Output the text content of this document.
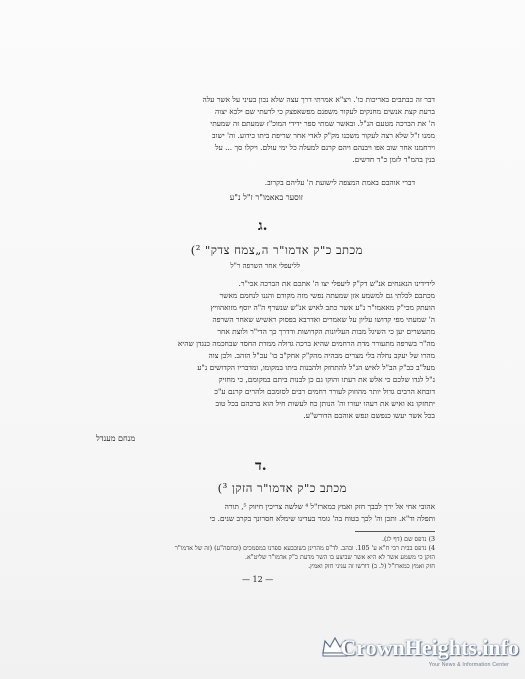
דבר זה כבתבים באריכות כו'. ויצ"א אמרתי דרך עצה שלא נכון בעיני על אשר עלה
ברעת קצת אנשים מחנקים לעקור משפנם מפשאפצק כי לדעתי שם ילכא יצוה
ה' את הברכה מטעם הנ"ל. ובאשר שמתי ספר ידידי המוכ"ז שמעתם זה שמעתי
ממנו ז"ל שלא רצה לעקור משכנו מק"ק לאדי אחר שריפת ביתו כידוע. וה' ישוב
וירחמנו אחר שוב אפו ויבנהם ויהם קרנם למעלה כל ימי עולם. ויקלו סך ... על
בנין בהמ"ד לזמן כ"ד חדשים.
דברי אוהבם באמת המצפה לישועת ה' עליהם בקרוב.
זוסער באאמו"ר ז"ל נ"ע
ג.
מכתב כ"ק אדמו"ר ה„צמח צדק" ²)
לליעפלי אחר השרפה ר"ל
לידידינו הנאנחים אנ"ש דק"ק ליעפלי יצו ה' אתכם את הברכה אכי"ר.
מכתבם לכלתי גם למשמע אזן שמעתה נפשי מזה מקודם והננו לנחמם מאשר
הועתק מכי"ק מאאמו"ר נ"ע אשר כתב לאיש אנ"ש שנשרף ה"ה יוסף מזואהוויץ
ה' שמעתי מפי קדושו עליון על שאמרים ואדרבא בפסוק ראשיש שאחר השרפה
מתעשרים יען כי השיגל מבות העליונות הקדושות ודדרך כך הדי"ר ולוצת אחר
מה"ר בשרפה מתעורר מדת הרחמים שהיא ברכה גדולה ממדת החסד שבחכמה כנגדן שהיא
מהרו של יעקב נחלה בלי מצרים מבהיה מהק"ק אחק"ב כו' עכ"ל הזהב. ולכן צוה
מעל"ב כב"ק הב"ל לאיש הנ"ל להתחזק ולהבנות ביתו במקומו, ומדבריו הקדושים נ"ע
נ"ל לגדו שלכם כי אלש את רעתו והוקו גם כן לבנות ביתם במקומם, כי מחזיק
דובחא הרבים גדול יותר מהוזוק לעורר רחמים רבים לסומכם ולהרים קרנם ע"כ
יתחזקו נא ואיש את רעהו יעזרו וה' הנותן כח לעשות חיל הוא ברכהם בכל טוב
בכל אשר יעשו כנפשם ונפש אוהבם הדורש"ע.
מנחם מענדל
ד.
מכתב כ"ק אדמו"ר הזקן ³)
אהובי אחי אל ירך לבבך חזק ואמץ כמארז"ל ⁴ שלשה צריכין חיזוק ⁵, תורה
ותפלה וד"א. ותכן וה' לכך בטוח בה' גומר בעדינו שימלא חסרונך בקרב שנים. כי
3) נדפס שם (דף לג).
4) נדפס בבית רבי ח"א ע' 105. ובהב. לד"ס מהרינן בשובבעא ספרנו במסמכים (ובחסה"ע) (זה של אדמו"ר
הזקן כי משמע אשר לא היא אשר שביצע בו השר מדעת כ"ק אדמו"ר שליט"א.
חזק ואמץ כמארז"ל (ל. ב) דורשו זה עניני חזק ואמץ.
— 12 —
CrownHeights.info
Your News & Information Center
